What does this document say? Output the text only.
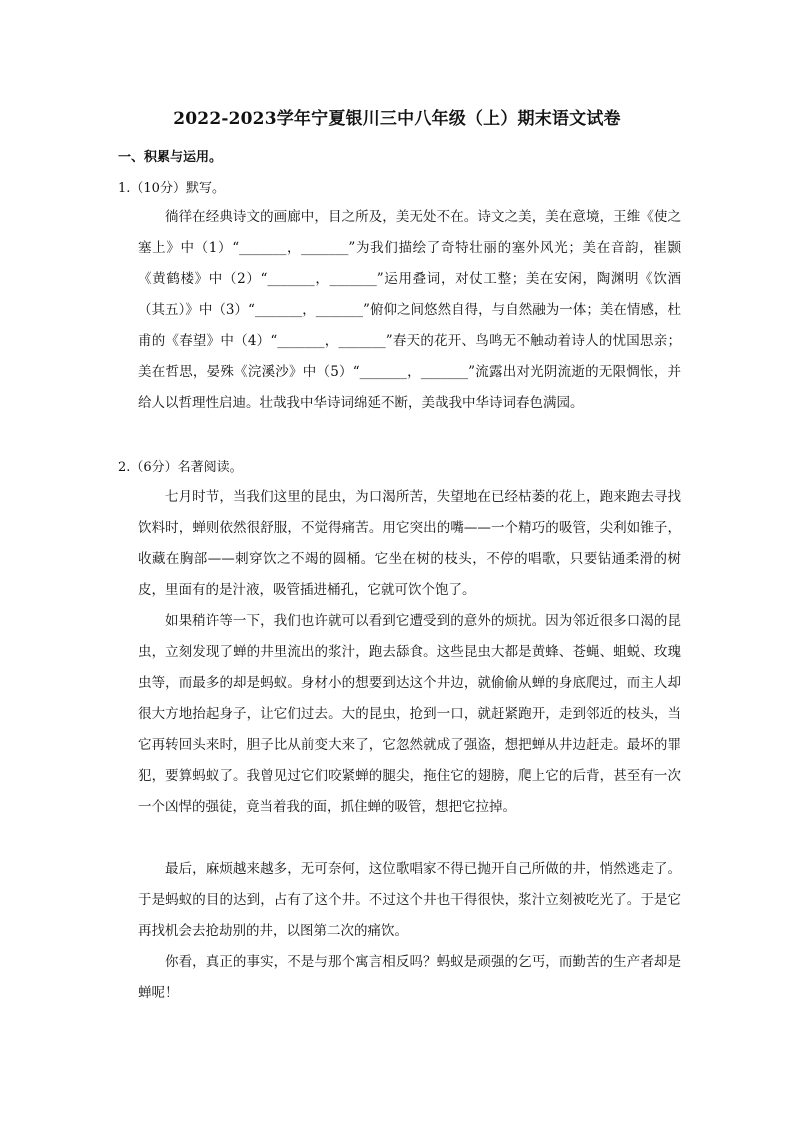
2022-2023学年宁夏银川三中八年级（上）期末语文试卷
一、积累与运用。
1.（10分）默写。

徜徉在经典诗文的画廊中，目之所及，美无处不在。诗文之美，美在意境，王维《使之塞上》中（1）“_______，_______”为我们描绘了奇特壮丽的塞外风光；美在音韵，崔颢《黄鹤楼》中（2）“_______，_______”运用叠词，对仗工整；美在安闲，陶渊明《饮酒（其五）》中（3）“_______，_______”俯仰之间悠然自得，与自然融为一体；美在情感，杜甫的《春望》中（4）“_______，_______”春天的花开、鸟鸣无不触动着诗人的忧国思亲；美在哲思，晏殊《浣溪沙》中（5）“_______，_______”流露出对光阴流逝的无限惆怅，并给人以哲理性启迪。壮哉我中华诗词绵延不断，美哉我中华诗词春色满园。

2.（6分）名著阅读。

七月时节，当我们这里的昆虫，为口渴所苦，失望地在已经枯萎的花上，跑来跑去寻找饮料时，蝉则依然很舒服，不觉得痛苦。用它突出的嘴——一个精巧的吸管，尖利如锥子，收藏在胸部——刺穿饮之不竭的圆桶。它坐在树的枝头，不停的唱歌，只要钻通柔滑的树皮，里面有的是汁液，吸管插进桶孔，它就可饮个饱了。

如果稍许等一下，我们也许就可以看到它遭受到的意外的烦扰。因为邻近很多口渴的昆虫，立刻发现了蝉的井里流出的浆汁，跑去舔食。这些昆虫大都是黄蜂、苍蝇、蛆蜕、玫瑰虫等，而最多的却是蚂蚁。身材小的想要到达这个井边，就偷偷从蝉的身底爬过，而主人却很大方地抬起身子，让它们过去。大的昆虫，抢到一口，就赶紧跑开，走到邻近的枝头，当它再转回头来时，胆子比从前变大来了，它忽然就成了强盗，想把蝉从井边赶走。最坏的罪犯，要算蚂蚁了。我曾见过它们咬紧蝉的腿尖，拖住它的翅膀，爬上它的后背，甚至有一次一个凶悍的强徒，竟当着我的面，抓住蝉的吸管，想把它拉掉。

最后，麻烦越来越多，无可奈何，这位歌唱家不得已抛开自己所做的井，悄然逃走了。于是蚂蚁的目的达到，占有了这个井。不过这个井也干得很快，浆汁立刻被吃光了。于是它再找机会去抢劫别的井，以图第二次的痛饮。

你看，真正的事实，不是与那个寓言相反吗？蚂蚁是顽强的乞丐，而勤苦的生产者却是蝉呢！
